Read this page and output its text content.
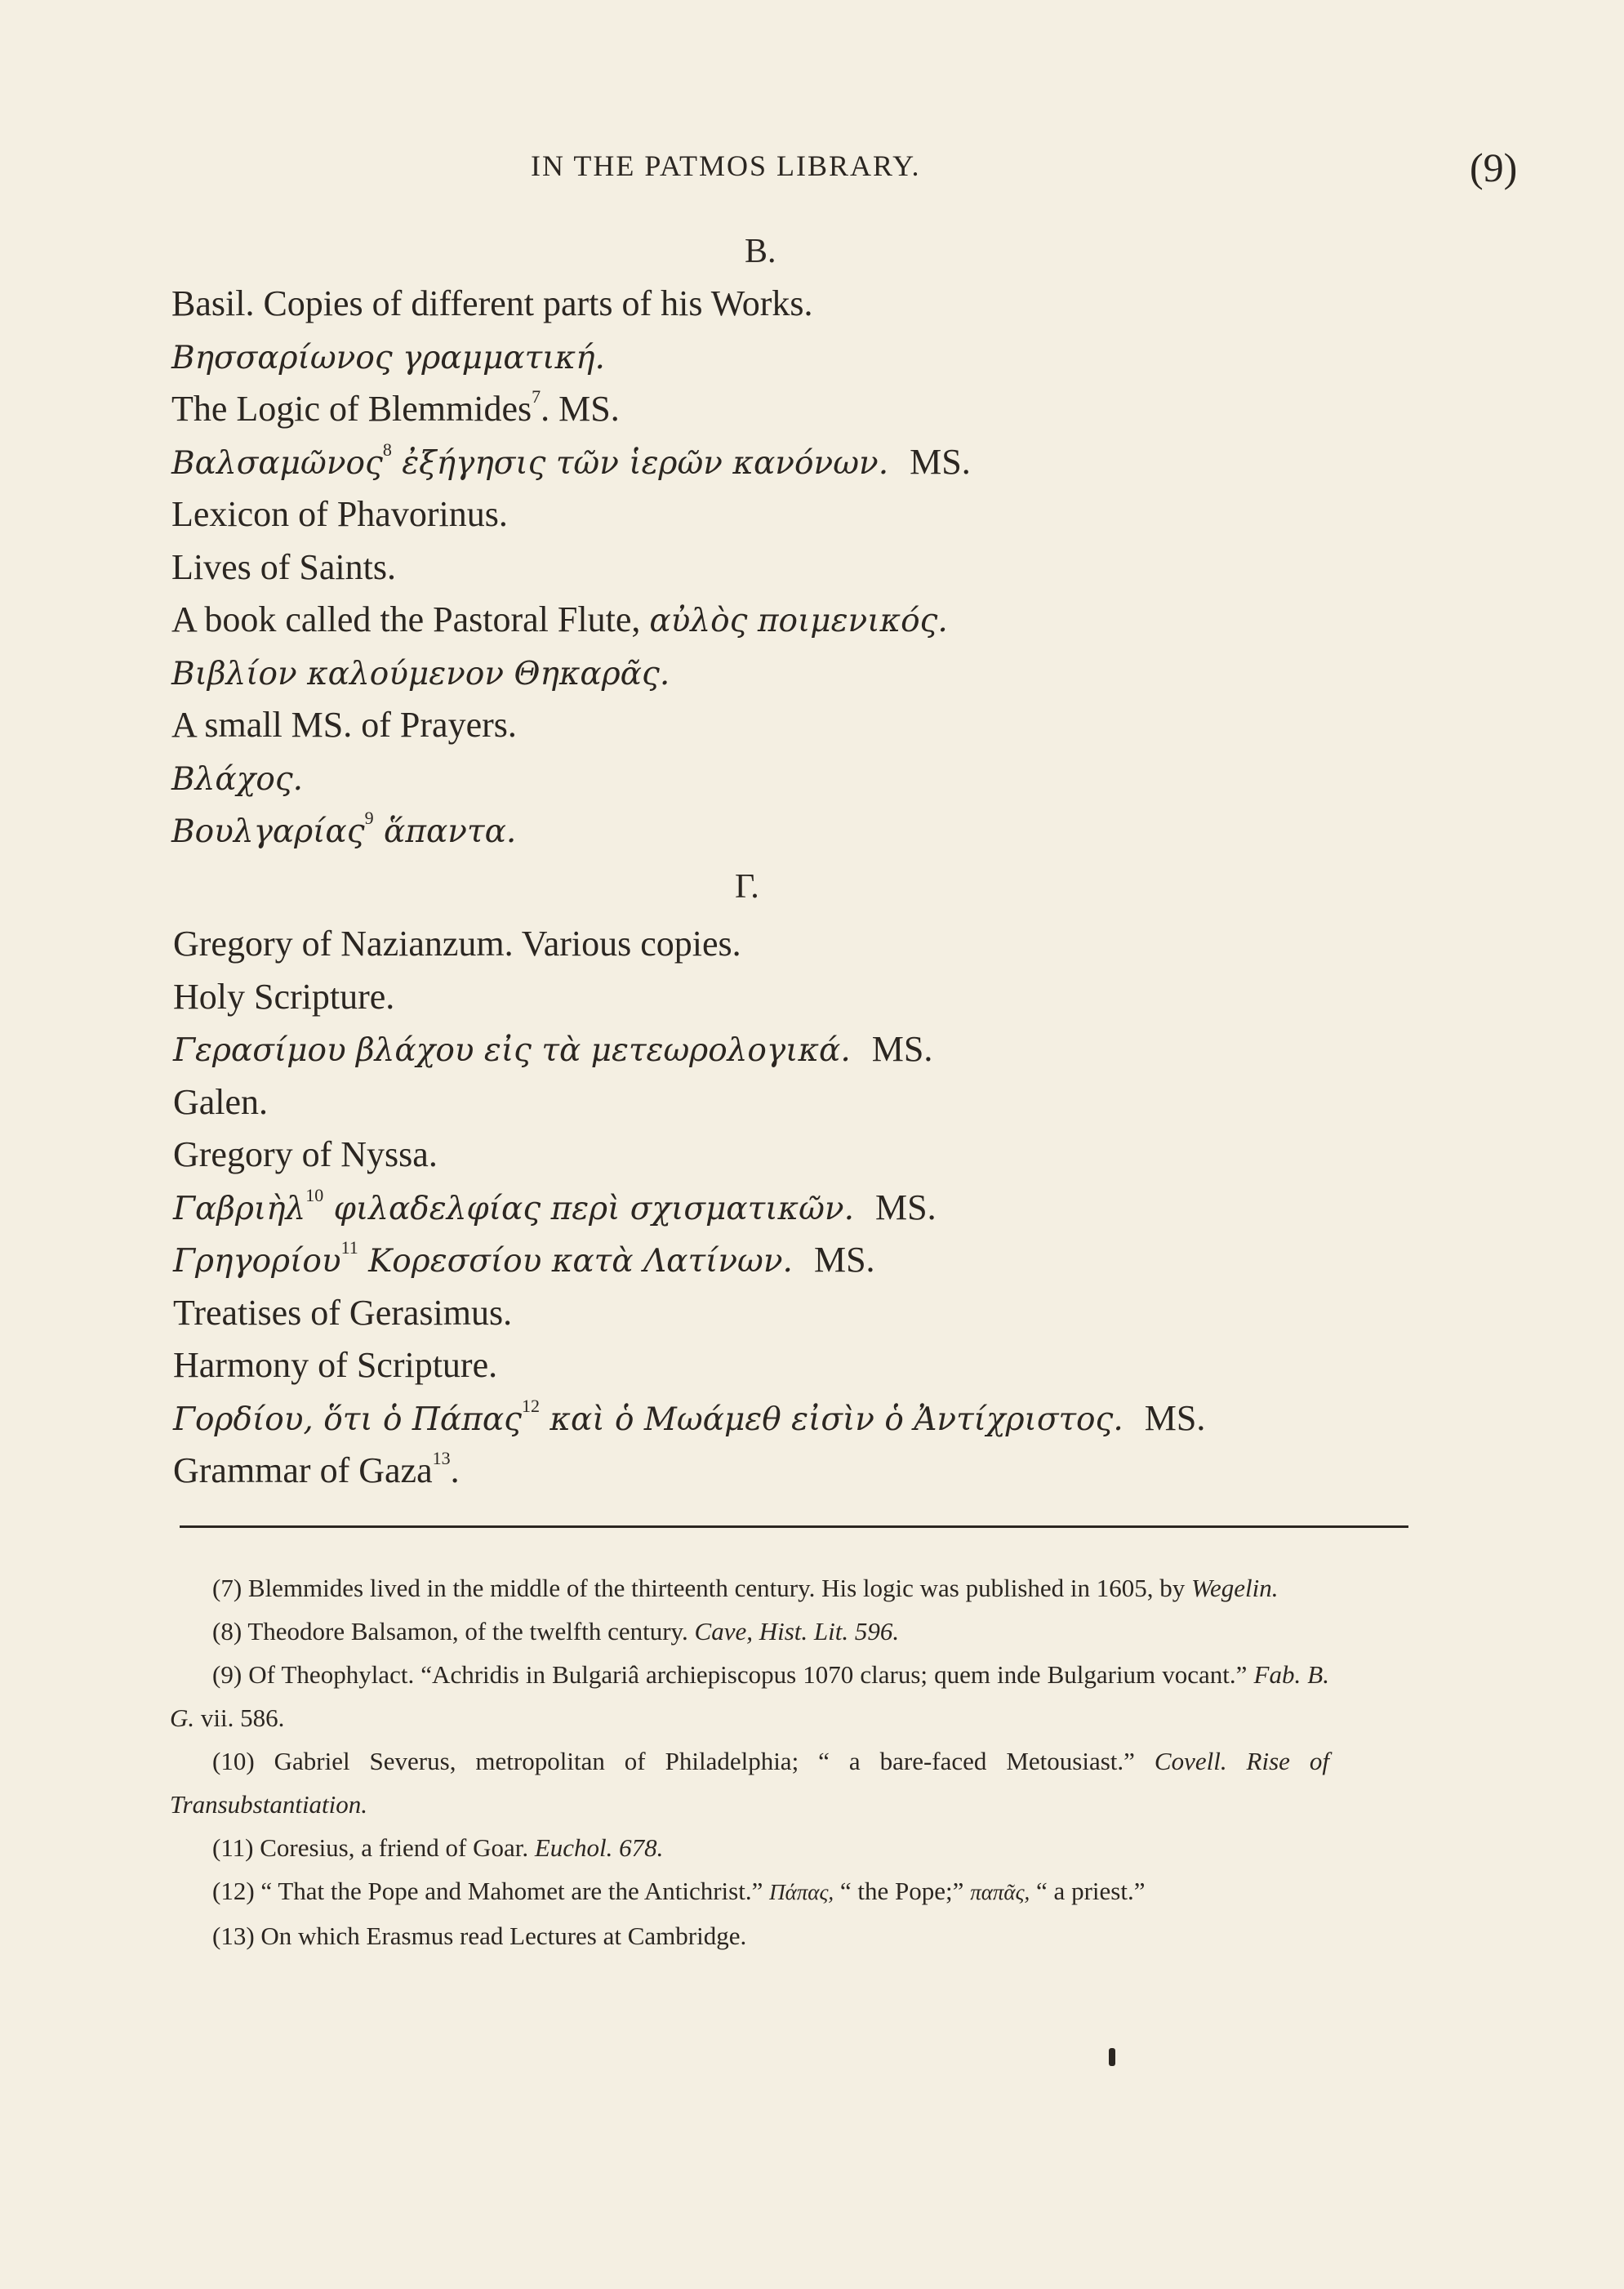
IN THE PATMOS LIBRARY.	(9)
B.
Basil. Copies of different parts of his Works.
Βησσαρίωνος γραμματική.
The Logic of Blemmides$^7$. MS.
Βαλσαμῶνος$^8$ ἐξήγησις τῶν ἱερῶν κανόνων. MS.
Lexicon of Phavorinus.
Lives of Saints.
A book called the Pastoral Flute, αὐλὸς ποιμενικός.
Βιβλίον καλούμενον Θηκαρᾶς.
A small MS. of Prayers.
Βλάχος.
Βουλγαρίας$^9$ ἅπαντα.
Γ.
Gregory of Nazianzum. Various copies.
Holy Scripture.
Γερασίμου βλάχου εἰς τὰ μετεωρολογικά. MS.
Galen.
Gregory of Nyssa.
Γαβριὴλ$^{10}$ φιλαδελφίας περὶ σχισματικῶν. MS.
Γρηγορίου$^{11}$ Κορεσσίου κατὰ Λατίνων. MS.
Treatises of Gerasimus.
Harmony of Scripture.
Γορδίου, ὅτι ὁ Πάπας$^{12}$ καὶ ὁ Μωάμεθ εἰσὶν ὁ Ἀντίχριστος. MS.
Grammar of Gaza$^{13}$.

(7) Blemmides lived in the middle of the thirteenth century. His logic was published in 1605, by Wegelin.

(8) Theodore Balsamon, of the twelfth century. Cave, Hist. Lit. 596.

(9) Of Theophylact. “Achridis in Bulgariâ archiepiscopus 1070 clarus; quem inde Bulgarium vocant.” Fab. B. G. vii. 586.

(10) Gabriel Severus, metropolitan of Philadelphia; “ a bare-faced Metousiast.” Covell. Rise of Transubstantiation.

(11) Coresius, a friend of Goar. Euchol. 678.

(12) “ That the Pope and Mahomet are the Antichrist.” Πάπας, “ the Pope;” παπᾶς, “ a priest.”

(13) On which Erasmus read Lectures at Cambridge.
